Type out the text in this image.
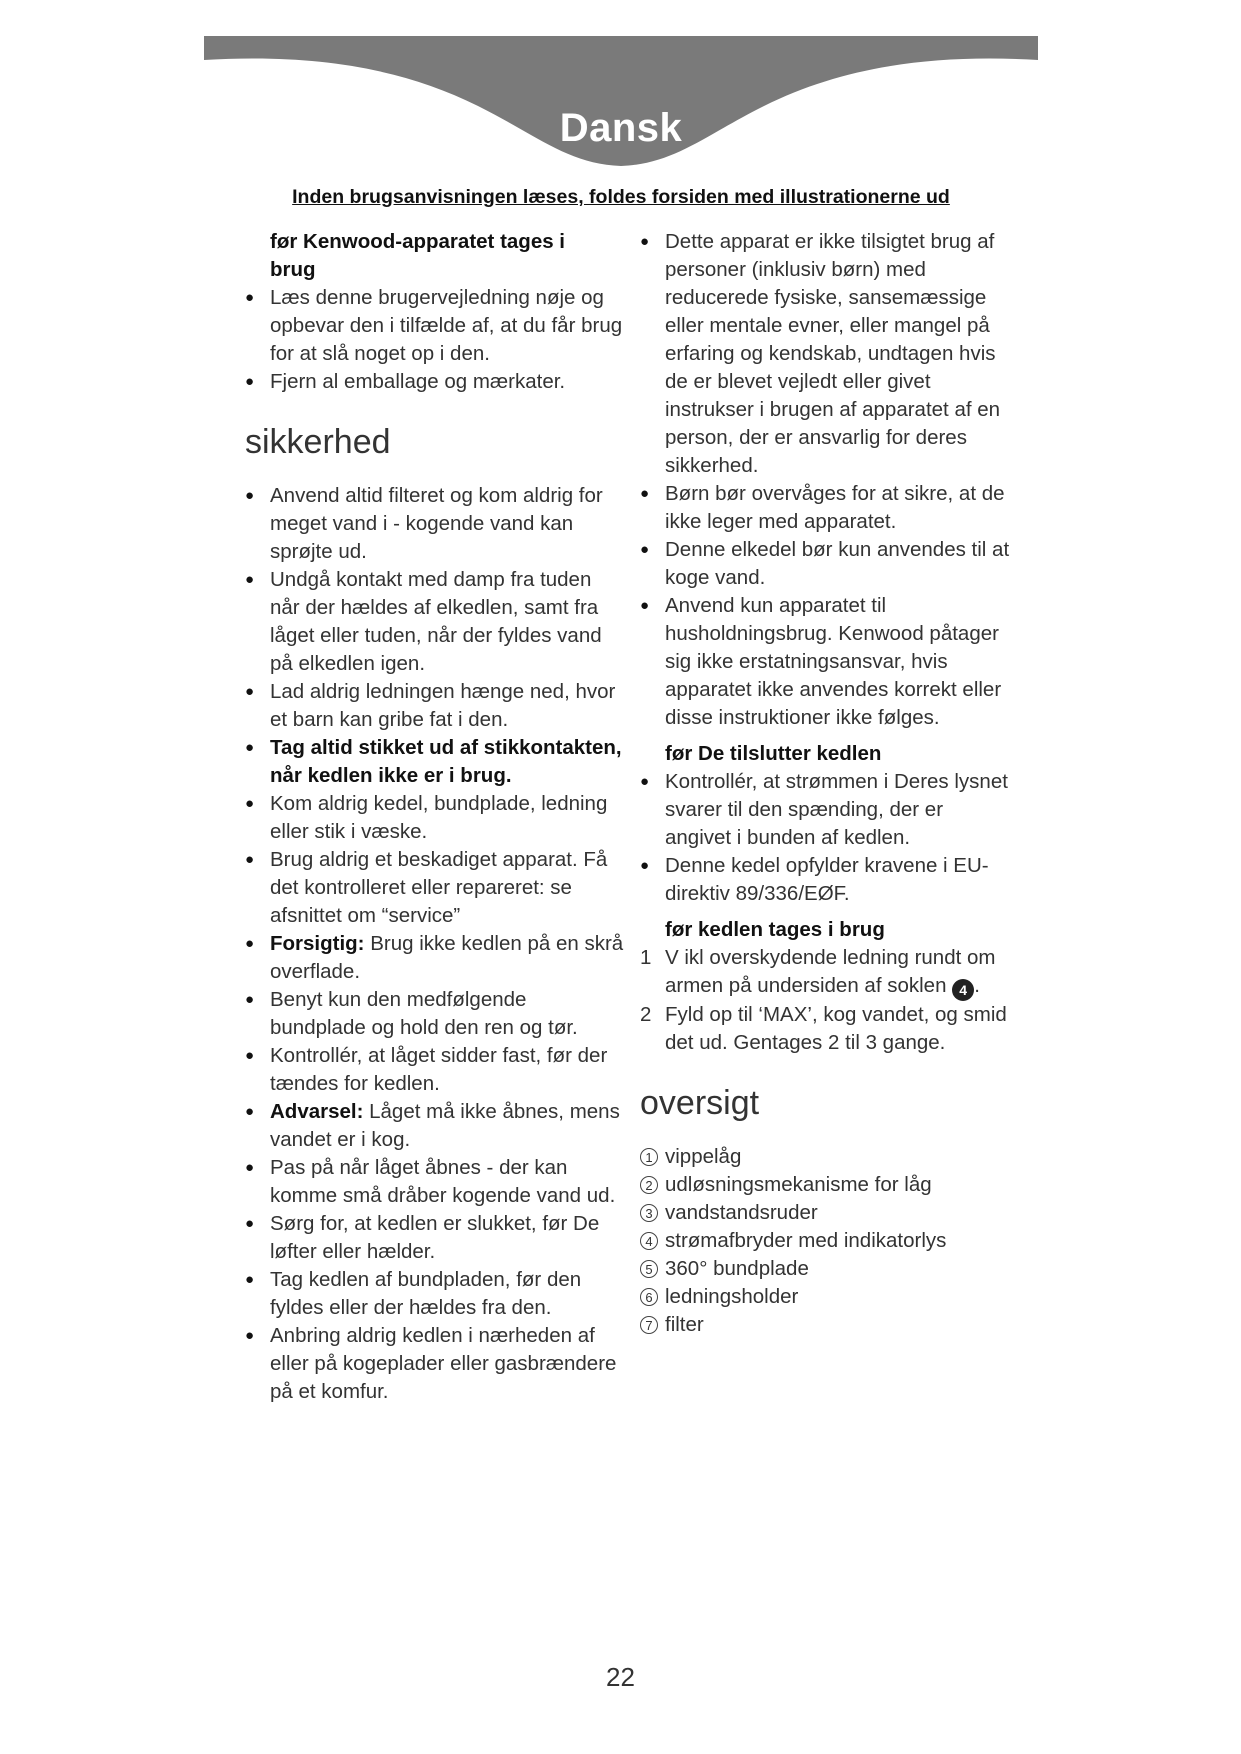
Dansk
Inden brugsanvisningen læses, foldes forsiden med illustrationerne ud

før Kenwood-apparatet tages i

brug

● Læs denne brugervejledning nøje og opbevar den i tilfælde af, at du får brug for at slå noget op i den.

● Fjern al emballage og mærkater.

sikkerhed

● Anvend altid filteret og kom aldrig for meget vand i - kogende vand kan sprøjte ud.

● Undgå kontakt med damp fra tuden når der hældes af elkedlen, samt fra låget eller tuden, når der fyldes vand på elkedlen igen.

● Lad aldrig ledningen hænge ned, hvor et barn kan gribe fat i den.

● Tag altid stikket ud af stikkontakten, når kedlen ikke er i brug.

● Kom aldrig kedel, bundplade, ledning eller stik i væske.

● Brug aldrig et beskadiget apparat. Få det kontrolleret eller repareret: se afsnittet om “service”

● Forsigtig: Brug ikke kedlen på en skrå overflade.

● Benyt kun den medfølgende bundplade og hold den ren og tør.

● Kontrollér, at låget sidder fast, før der tændes for kedlen.

● Advarsel: Låget må ikke åbnes, mens vandet er i kog.

● Pas på når låget åbnes - der kan komme små dråber kogende vand ud.

● Sørg for, at kedlen er slukket, før De løfter eller hælder.

● Tag kedlen af bundpladen, før den fyldes eller der hældes fra den.

● Anbring aldrig kedlen i nærheden af eller på kogeplader eller gasbrændere på et komfur.

● Dette apparat er ikke tilsigtet brug af personer (inklusiv børn) med reducerede fysiske, sansemæssige eller mentale evner, eller mangel på erfaring og kendskab, undtagen hvis de er blevet vejledt eller givet instrukser i brugen af apparatet af en person, der er ansvarlig for deres sikkerhed.

● Børn bør overvåges for at sikre, at de ikke leger med apparatet.

● Denne elkedel bør kun anvendes til at koge vand.

● Anvend kun apparatet til husholdningsbrug. Kenwood påtager sig ikke erstatningsansvar, hvis apparatet ikke anvendes korrekt eller disse instruktioner ikke følges.

før De tilslutter kedlen

● Kontrollér, at strømmen i Deres lysnet svarer til den spænding, der er angivet i bunden af kedlen.

● Denne kedel opfylder kravene i EU-direktiv 89/336/EØF.

før kedlen tages i brug

1 V ikl overskydende ledning rundt om armen på undersiden af soklen 4 .

2 Fyld op til ‘MAX’, kog vandet, og smid det ud. Gentages 2 til 3 gange.

oversigt

1 vippelåg

2 udløsningsmekanisme for låg

3 vandstandsruder

4 strømafbryder med indikatorlys

5 360° bundplade

6 ledningsholder

7 filter

22
